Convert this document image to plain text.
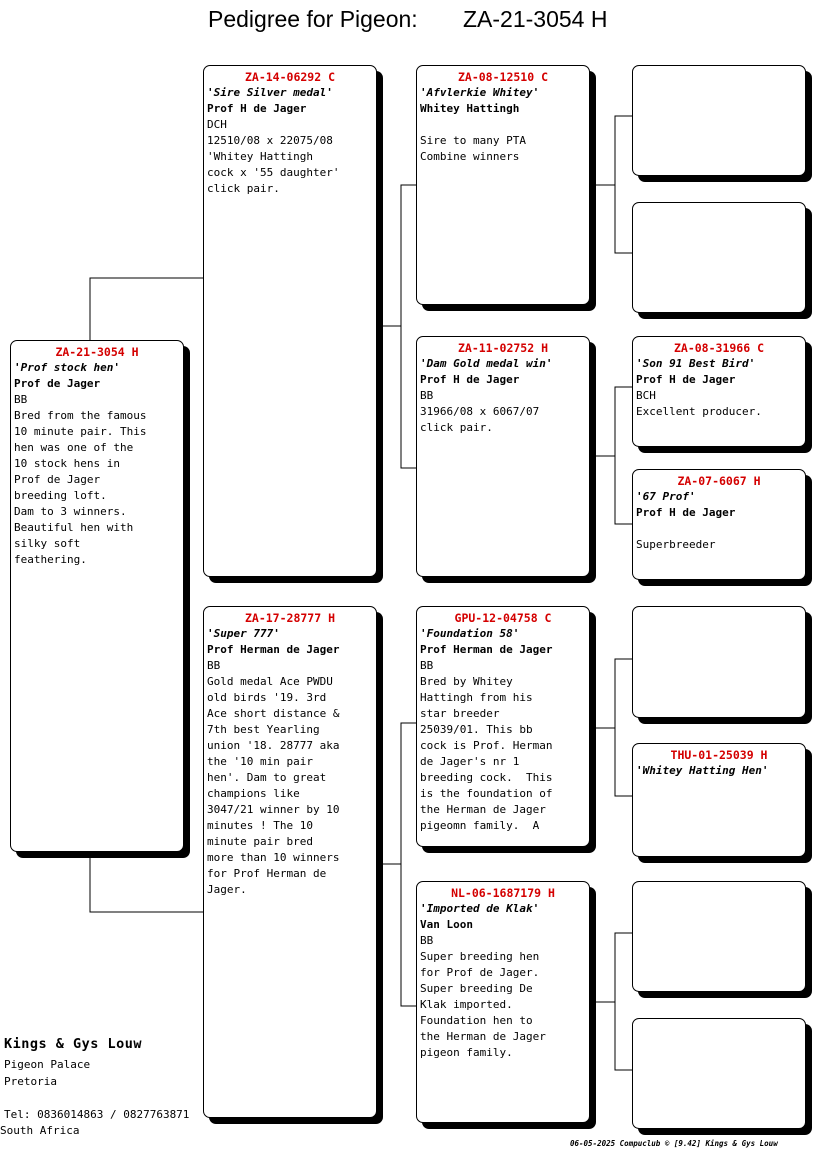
Pedigree for Pigeon: ZA-21-3054 H
ZA-21-3054 H
'Prof stock hen'
Prof de Jager
BB
Bred from the famous
10 minute pair. This
hen was one of the
10 stock hens in
Prof de Jager
breeding loft.
Dam to 3 winners.
Beautiful hen with
silky soft
feathering.
ZA-14-06292 C
'Sire Silver medal'
Prof H de Jager
DCH
12510/08 x 22075/08
'Whitey Hattingh
cock x '55 daughter'
click pair.
ZA-17-28777 H
'Super 777'
Prof Herman de Jager
BB
Gold medal Ace PWDU
old birds '19. 3rd
Ace short distance &
7th best Yearling
union '18. 28777 aka
the '10 min pair
hen'. Dam to great
champions like
3047/21 winner by 10
minutes ! The 10
minute pair bred
more than 10 winners
for Prof Herman de
Jager.
ZA-08-12510 C
'Afvlerkie Whitey'
Whitey Hattingh

Sire to many PTA
Combine winners
ZA-11-02752 H
'Dam Gold medal win'
Prof H de Jager
BB
31966/08 x 6067/07
click pair.
GPU-12-04758 C
'Foundation 58'
Prof Herman de Jager
BB
Bred by Whitey
Hattingh from his
star breeder
25039/01. This bb
cock is Prof. Herman
de Jager's nr 1
breeding cock.  This
is the foundation of
the Herman de Jager
pigeomn family.  A
NL-06-1687179 H
'Imported de Klak'
Van Loon
BB
Super breeding hen
for Prof de Jager.
Super breeding De
Klak imported.
Foundation hen to
the Herman de Jager
pigeon family.
ZA-08-31966 C
'Son 91 Best Bird'
Prof H de Jager
BCH
Excellent producer.
ZA-07-6067 H
'67 Prof'
Prof H de Jager

Superbreeder
THU-01-25039 H
'Whitey Hatting Hen'
Kings & Gys Louw
Pigeon Palace
Pretoria
Tel: 0836014863 / 0827763871
South Africa
06-05-2025 Compuclub © [9.42] Kings & Gys Louw
